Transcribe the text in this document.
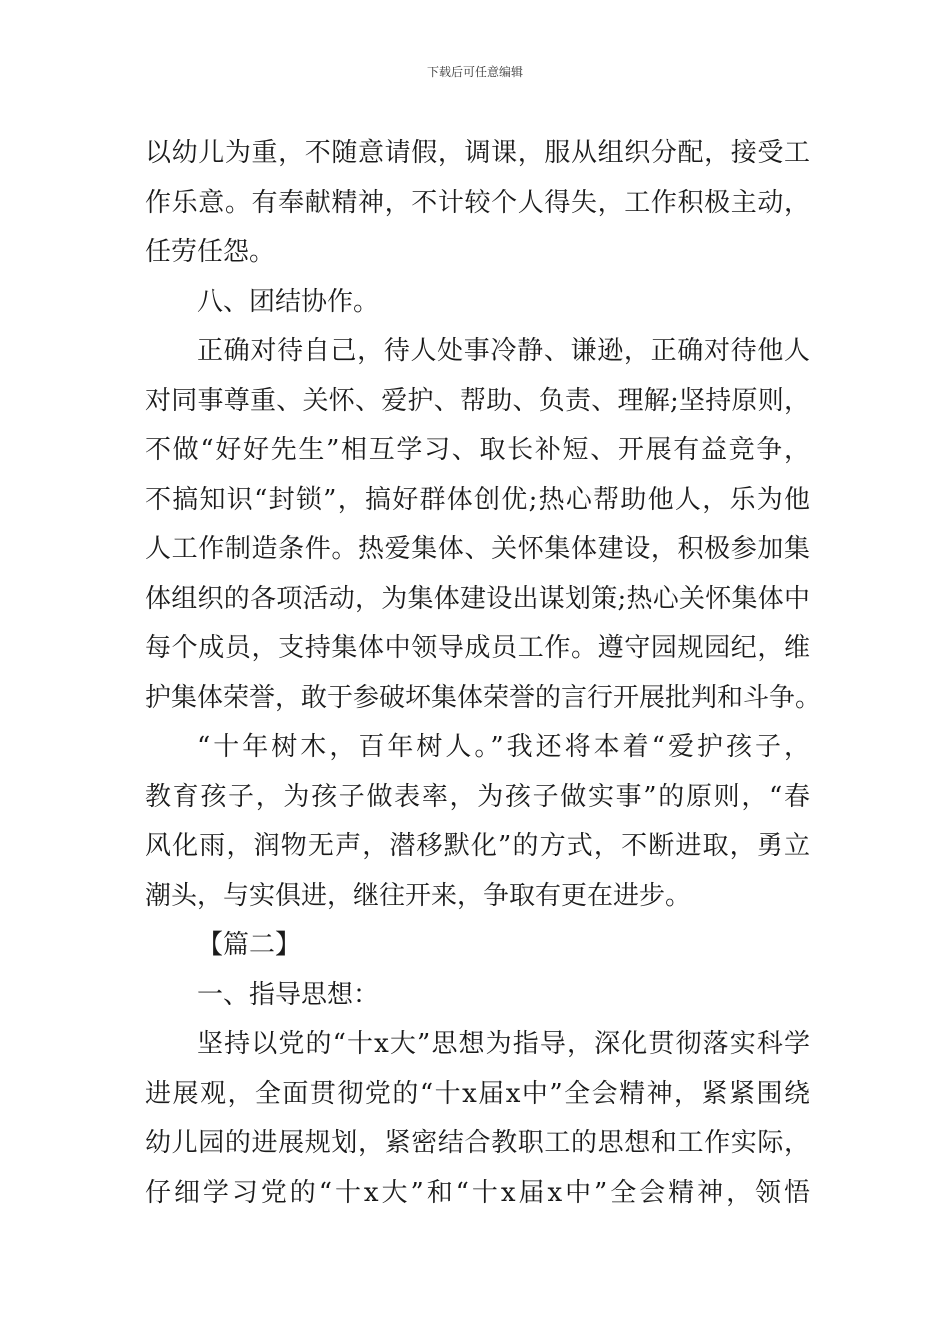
下载后可任意编辑
以幼儿为重，不随意请假，调课，服从组织分配，接受工
作乐意。有奉献精神，不计较个人得失，工作积极主动，
任劳任怨。
八、团结协作。
正确对待自己，待人处事冷静、谦逊，正确对待他人
对同事尊重、关怀、爱护、帮助、负责、理解;坚持原则，
不做“好好先生”相互学习、取长补短、开展有益竞争，
不搞知识“封锁”，搞好群体创优;热心帮助他人，乐为他
人工作制造条件。热爱集体、关怀集体建设，积极参加集
体组织的各项活动，为集体建设出谋划策;热心关怀集体中
每个成员，支持集体中领导成员工作。遵守园规园纪，维
护集体荣誉，敢于参破坏集体荣誉的言行开展批判和斗争。
“十年树木，百年树人。”我还将本着“爱护孩子，
教育孩子，为孩子做表率，为孩子做实事”的原则，“春
风化雨，润物无声，潜移默化”的方式，不断进取，勇立
潮头，与实俱进，继往开来，争取有更在进步。
【篇二】
一、指导思想：
坚持以党的“十x大”思想为指导，深化贯彻落实科学
进展观，全面贯彻党的“十x届x中”全会精神，紧紧围绕
幼儿园的进展规划，紧密结合教职工的思想和工作实际，
仔细学习党的“十x大”和“十x届x中”全会精神，领悟
